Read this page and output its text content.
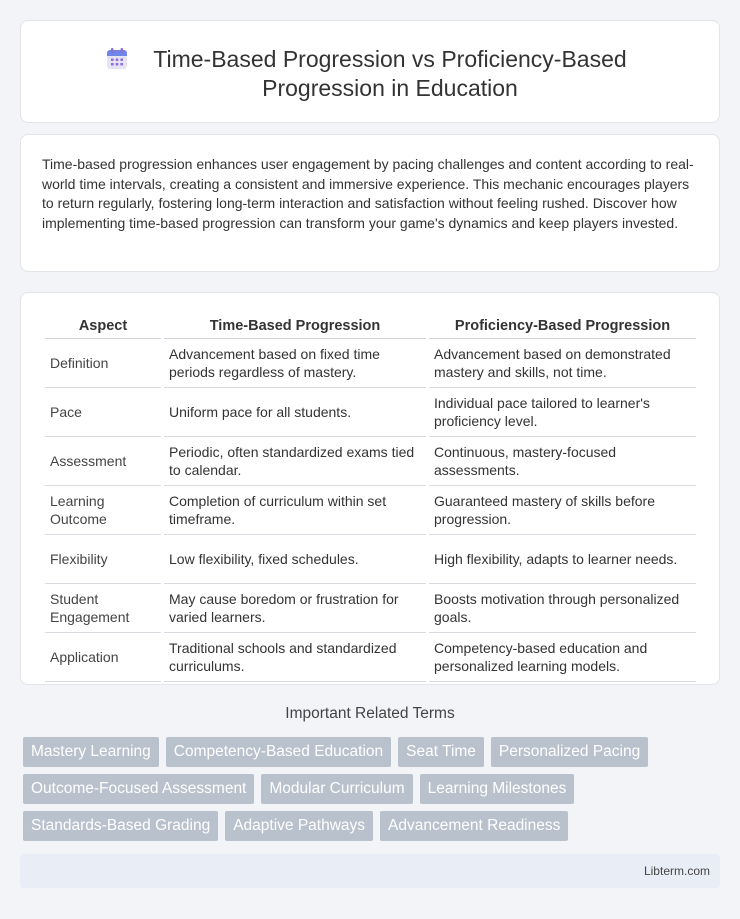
Time-Based Progression vs Proficiency-Based Progression in Education

Time-based progression enhances user engagement by pacing challenges and content according to real-world time intervals, creating a consistent and immersive experience. This mechanic encourages players to return regularly, fostering long-term interaction and satisfaction without feeling rushed. Discover how implementing time-based progression can transform your game's dynamics and keep players invested.

Aspect	Time-Based Progression	Proficiency-Based Progression
Definition	Advancement based on fixed time periods regardless of mastery.	Advancement based on demonstrated mastery and skills, not time.
Pace	Uniform pace for all students.	Individual pace tailored to learner's proficiency level.
Assessment	Periodic, often standardized exams tied to calendar.	Continuous, mastery-focused assessments.
Learning Outcome	Completion of curriculum within set timeframe.	Guaranteed mastery of skills before progression.
Flexibility	Low flexibility, fixed schedules.	High flexibility, adapts to learner needs.
Student Engagement	May cause boredom or frustration for varied learners.	Boosts motivation through personalized goals.
Application	Traditional schools and standardized curriculums.	Competency-based education and personalized learning models.
Important Related Terms
Mastery Learning	Competency-Based Education	Seat Time	Personalized Pacing
Outcome-Focused Assessment	Modular Curriculum	Learning Milestones
Standards-Based Grading	Adaptive Pathways	Advancement Readiness
Libterm.com
